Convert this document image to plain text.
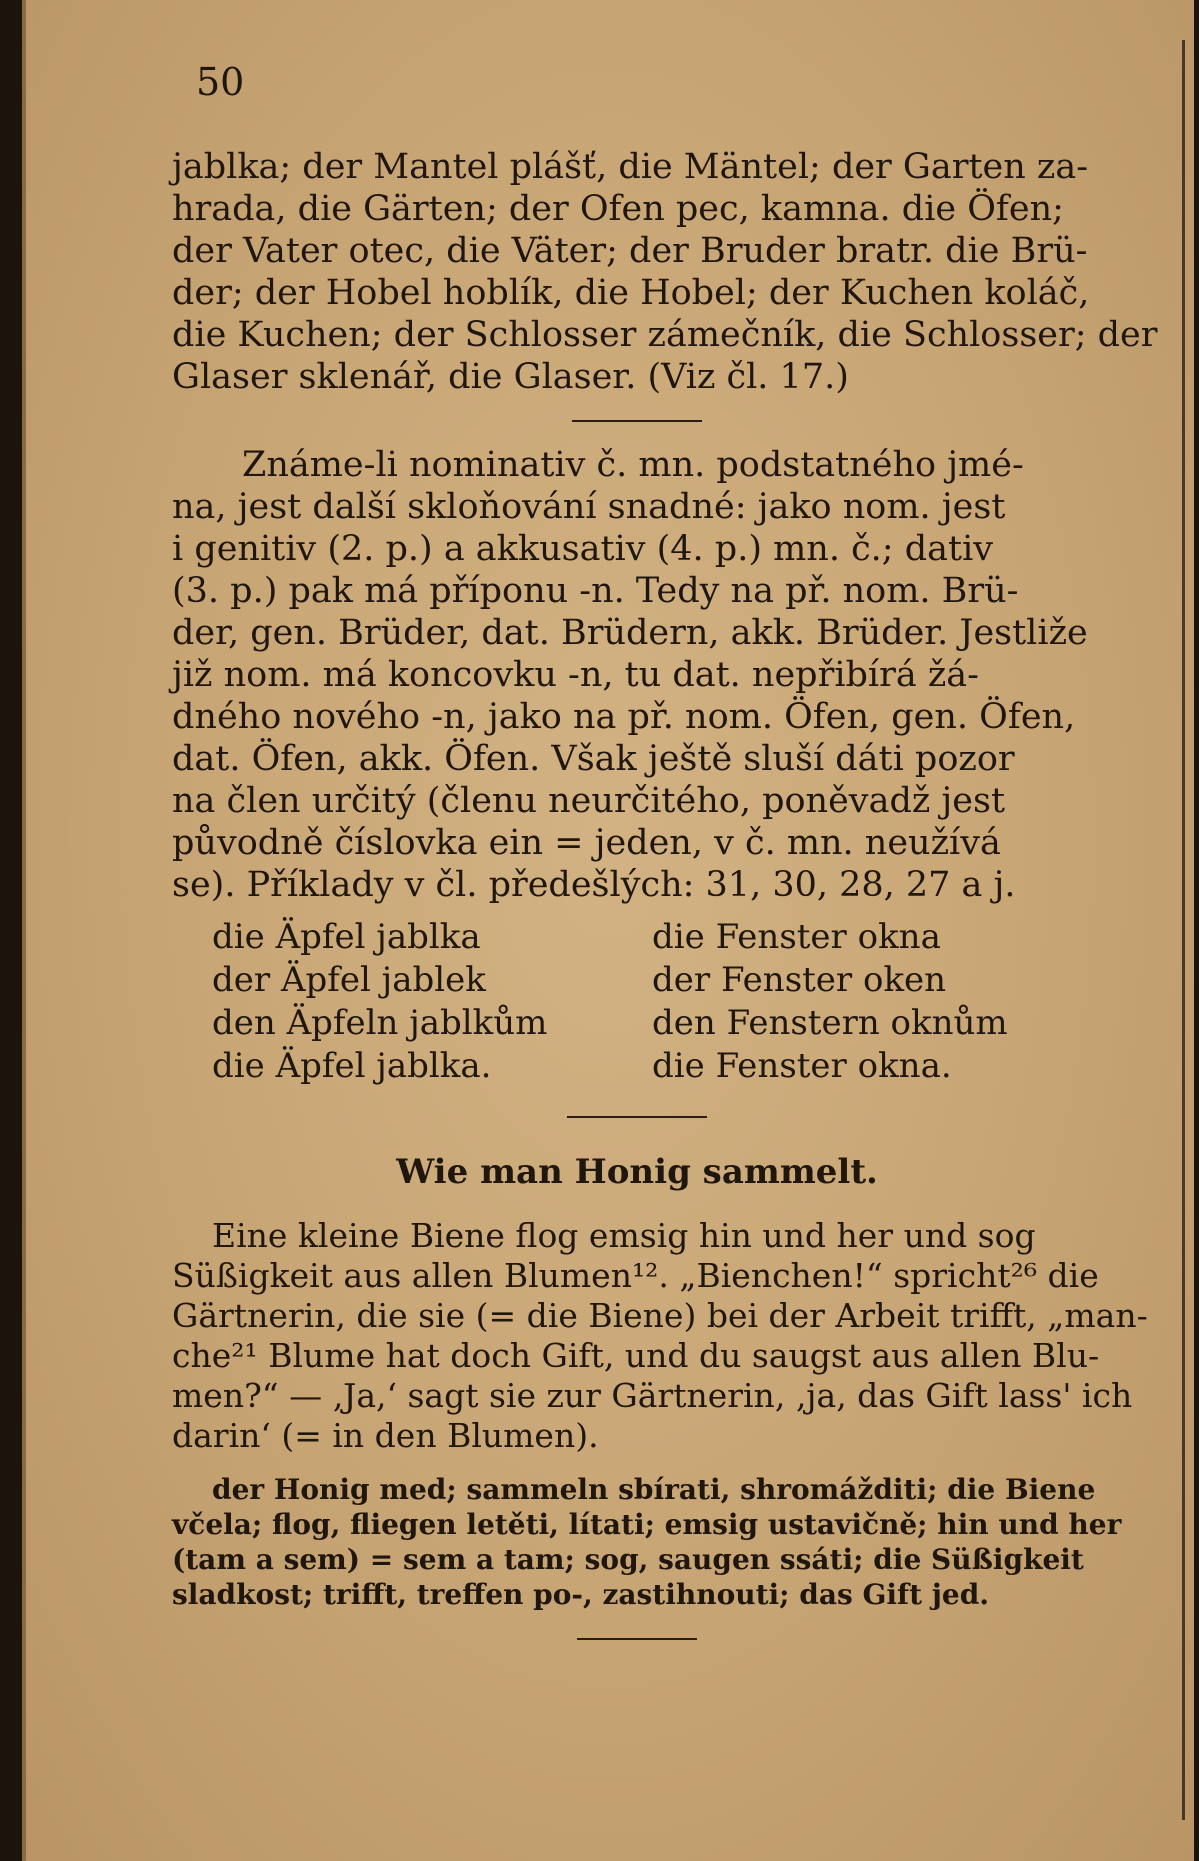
50

jablka; der Mantel plášť, die Mäntel; der Garten za-
hrada, die Gärten; der Ofen pec, kamna. die Öfen;
der Vater otec, die Väter; der Bruder bratr. die Brü-
der; der Hobel hoblík, die Hobel; der Kuchen koláč,
die Kuchen; der Schlosser zámečník, die Schlosser; der
Glaser sklenář, die Glaser. (Viz čl. 17.)

Známe-li nominativ č. mn. podstatného jmé-
na, jest další skloňování snadné: jako nom. jest
i genitiv (2. p.) a akkusativ (4. p.) mn. č.; dativ
(3. p.) pak má příponu -n. Tedy na př. nom. Brü-
der, gen. Brüder, dat. Brüdern, akk. Brüder. Jestliže
již nom. má koncovku -n, tu dat. nepřibírá žá-
dného nového -n, jako na př. nom. Öfen, gen. Öfen,
dat. Öfen, akk. Öfen. Však ještě sluší dáti pozor
na člen určitý (členu neurčitého, poněvadž jest
původně číslovka ein = jeden, v č. mn. neužívá
se). Příklady v čl. předešlých: 31, 30, 28, 27 a j.

die Äpfel jablka
der Äpfel jablek
den Äpfeln jablkům
die Äpfel jablka.
die Fenster okna
der Fenster oken
den Fenstern oknům
die Fenster okna.
Wie man Honig sammelt.

Eine kleine Biene flog emsig hin und her und sog
Süßigkeit aus allen Blumen¹². „Bienchen!“ spricht²⁶ die
Gärtnerin, die sie (= die Biene) bei der Arbeit trifft, „man-
che²¹ Blume hat doch Gift, und du saugst aus allen Blu-
men?“ — ‚Ja,‘ sagt sie zur Gärtnerin, ‚ja, das Gift lass' ich
darin‘ (= in den Blumen).

der Honig med; sammeln sbírati, shromážditi; die Biene
včela; flog, fliegen letěti, lítati; emsig ustavičně; hin und her
(tam a sem) = sem a tam; sog, saugen ssáti; die Süßigkeit
sladkost; trifft, treffen po-, zastihnouti; das Gift jed.
